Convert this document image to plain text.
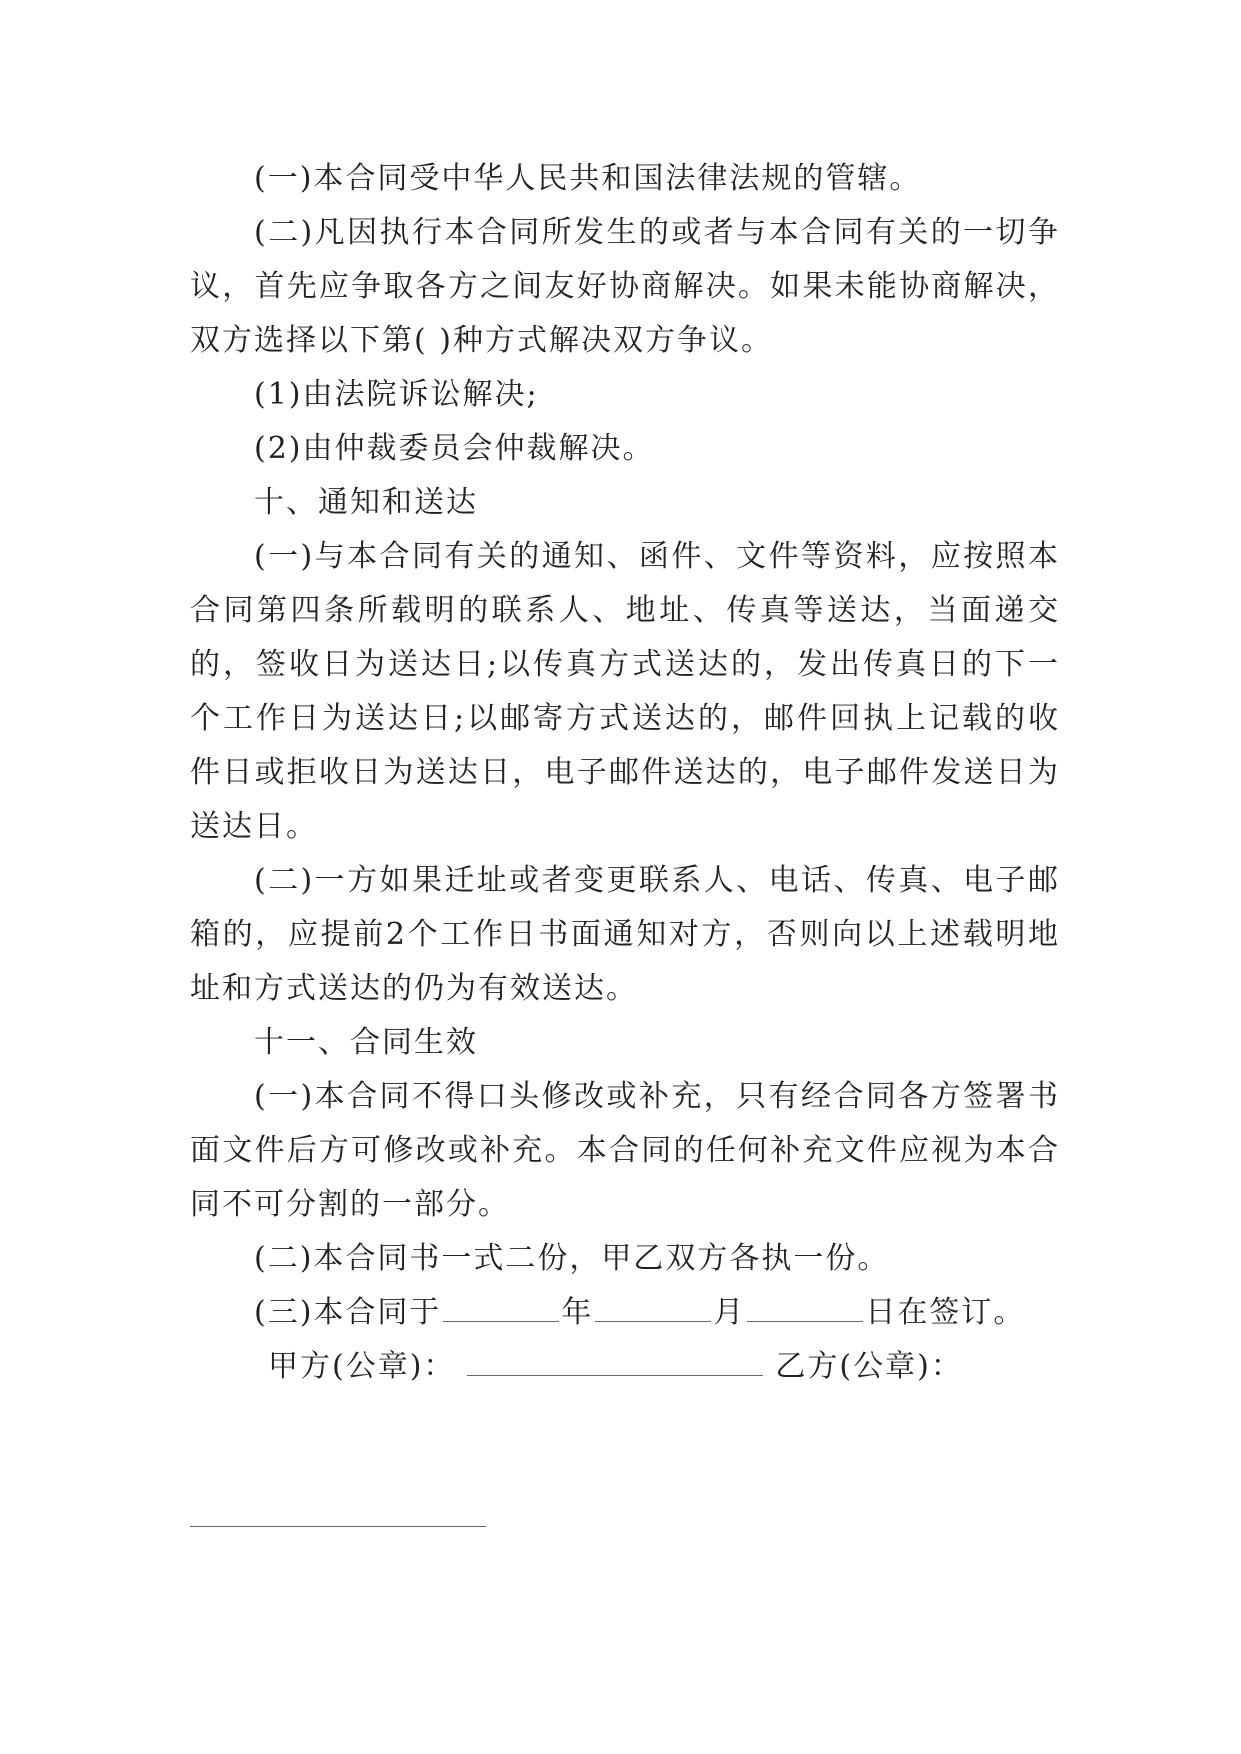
(一)本合同受中华人民共和国法律法规的管辖。

(二)凡因执行本合同所发生的或者与本合同有关的一切争议，首先应争取各方之间友好协商解决。如果未能协商解决，双方选择以下第( )种方式解决双方争议。

(1)由法院诉讼解决;

(2)由仲裁委员会仲裁解决。

十、通知和送达

(一)与本合同有关的通知、函件、文件等资料，应按照本合同第四条所载明的联系人、地址、传真等送达，当面递交的，签收日为送达日;以传真方式送达的，发出传真日的下一个工作日为送达日;以邮寄方式送达的，邮件回执上记载的收件日或拒收日为送达日，电子邮件送达的，电子邮件发送日为送达日。

(二)一方如果迁址或者变更联系人、电话、传真、电子邮箱的，应提前2个工作日书面通知对方，否则向以上述载明地址和方式送达的仍为有效送达。

十一、合同生效

(一)本合同不得口头修改或补充，只有经合同各方签署书面文件后方可修改或补充。本合同的任何补充文件应视为本合同不可分割的一部分。

(二)本合同书一式二份，甲乙双方各执一份。

(三)本合同于	年	月	日在签订。

甲方(公章)：	乙方(公章)：
